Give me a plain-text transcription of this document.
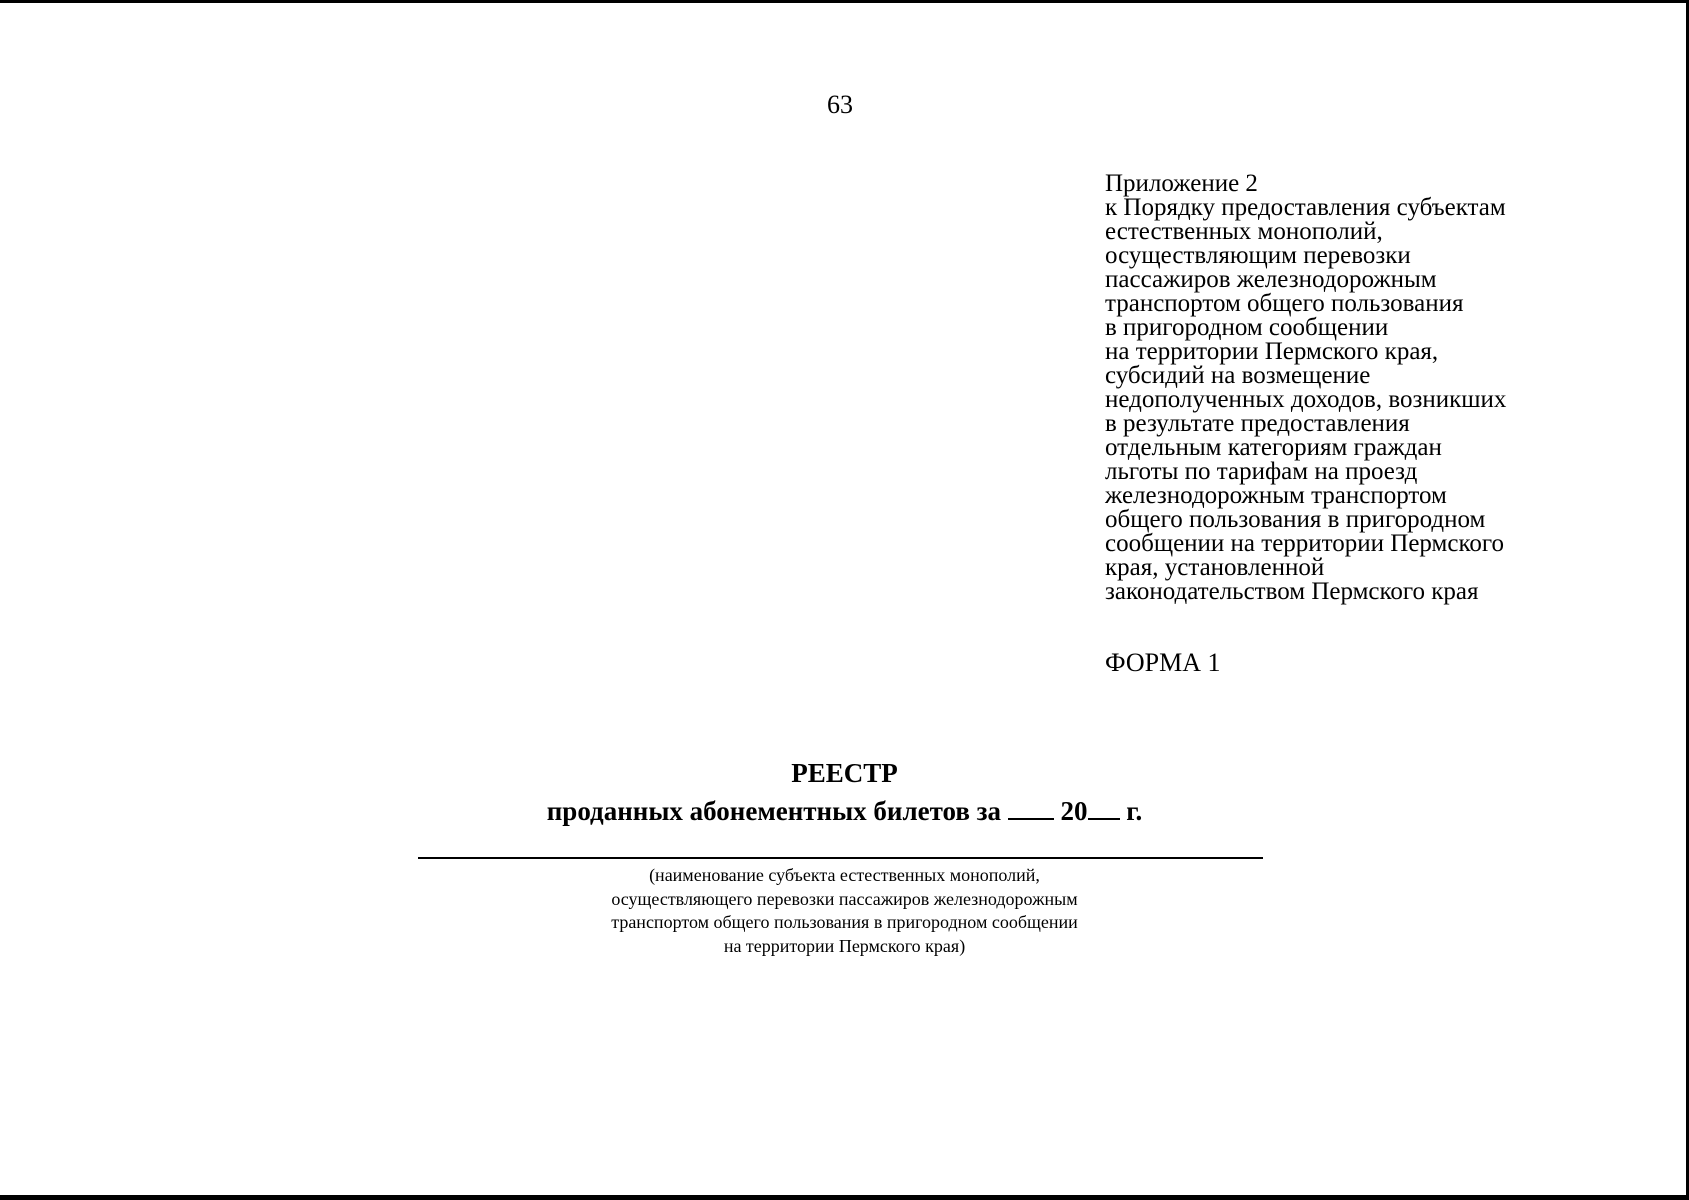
63

Приложение 2

к Порядку предоставления субъектам
естественных монополий,
осуществляющим перевозки
пассажиров железнодорожным
транспортом общего пользования
в пригородном сообщении
на территории Пермского края,
субсидий на возмещение
недополученных доходов, возникших
в результате предоставления
отдельным категориям граждан
льготы по тарифам на проезд
железнодорожным транспортом
общего пользования в пригородном
сообщении на территории Пермского
края, установленной
законодательством Пермского края
ФОРМА 1
РЕЕСТР
проданных абонементных билетов за 20 г.
(наименование субъекта естественных монополий,
осуществляющего перевозки пассажиров железнодорожным
транспортом общего пользования в пригородном сообщении
на территории Пермского края)
